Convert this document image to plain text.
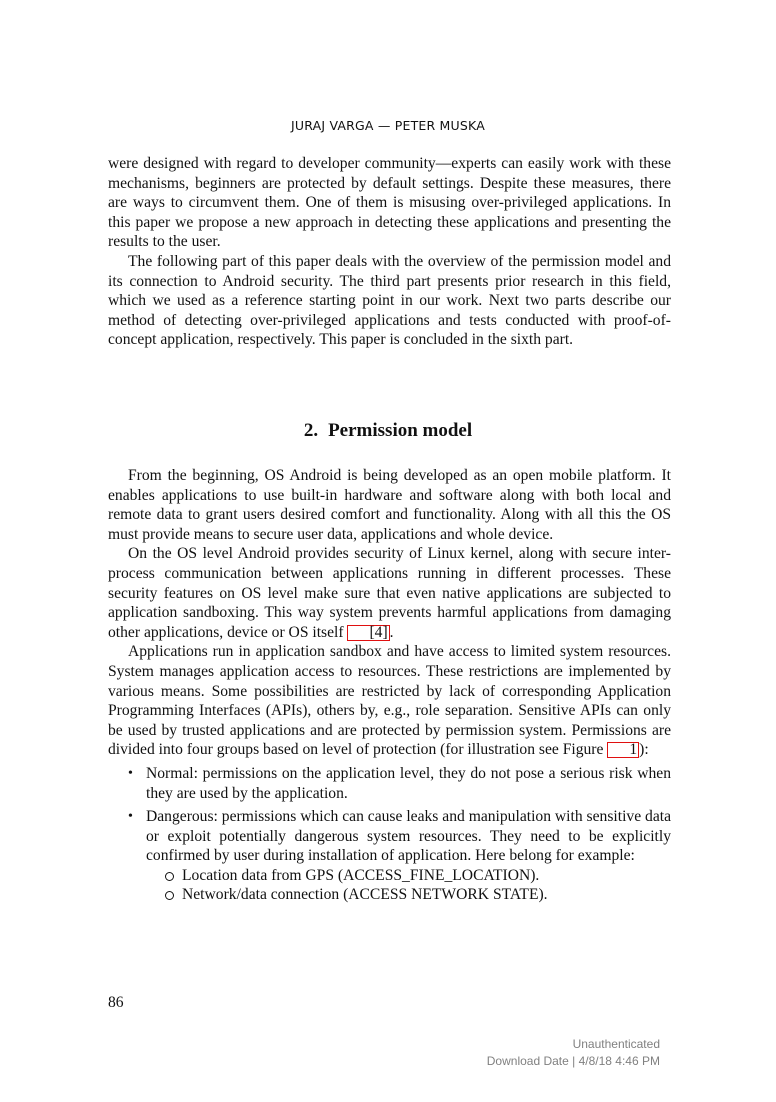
JURAJ VARGA — PETER MUSKA

were designed with regard to developer community—experts can easily work with these mechanisms, beginners are protected by default settings. Despite these measures, there are ways to circumvent them. One of them is misusing over-privileged applications. In this paper we propose a new approach in detecting these applications and presenting the results to the user.

The following part of this paper deals with the overview of the permission model and its connection to Android security. The third part presents prior research in this field, which we used as a reference starting point in our work. Next two parts describe our method of detecting over-privileged applications and tests conducted with proof-of-concept application, respectively. This paper is concluded in the sixth part.

2. Permission model

From the beginning, OS Android is being developed as an open mobile platform. It enables applications to use built-in hardware and software along with both local and remote data to grant users desired comfort and functionality. Along with all this the OS must provide means to secure user data, applications and whole device.

On the OS level Android provides security of Linux kernel, along with secure inter-process communication between applications running in different processes. These security features on OS level make sure that even native applications are subjected to application sandboxing. This way system prevents harmful applications from damaging other applications, device or OS itself [4] .

Applications run in application sandbox and have access to limited system resources. System manages application access to resources. These restrictions are implemented by various means. Some possibilities are restricted by lack of corresponding Application Programming Interfaces (APIs), others by, e.g., role separation. Sensitive APIs can only be used by trusted applications and are protected by permission system. Permissions are divided into four groups based on level of protection (for illustration see Figure 1 ):

• Normal: permissions on the application level, they do not pose a serious risk when they are used by the application.
• Dangerous: permissions which can cause leaks and manipulation with sensitive data or exploit potentially dangerous system resources. They need to be explicitly confirmed by user during installation of application. Here belong for example:
Location data from GPS (ACCESS_FINE_LOCATION).
Network/data connection (ACCESS NETWORK STATE).
86
Unauthenticated
Download Date | 4/8/18 4:46 PM
